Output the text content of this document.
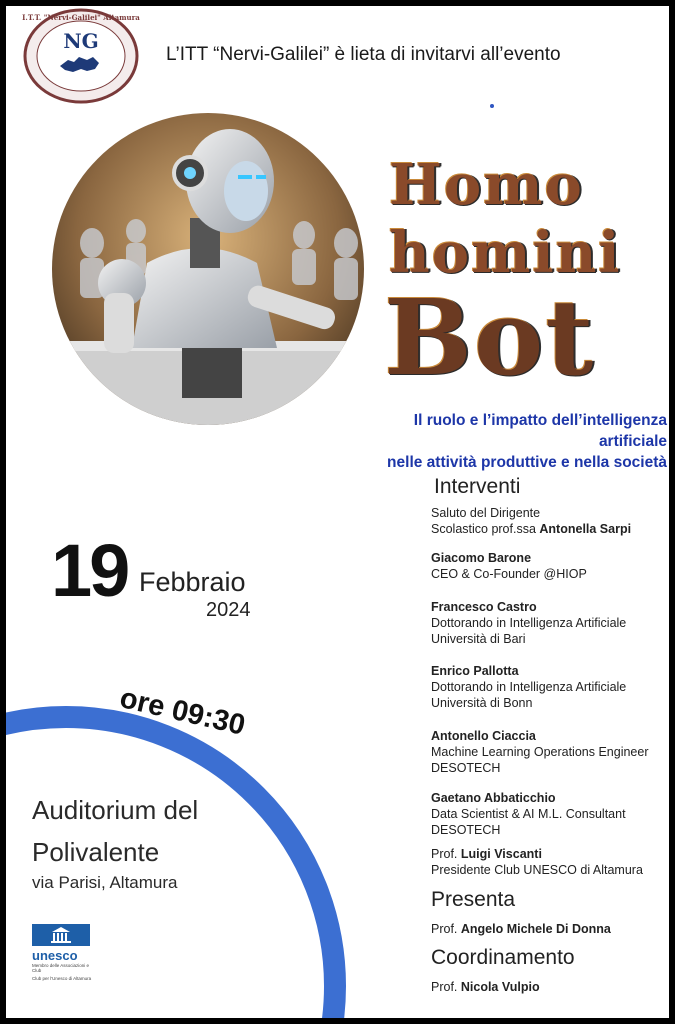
NG
I.T.T. "Nervi-Galilei" Altamura
L’ITT “Nervi-Galilei” è lieta di invitarvi all’evento
Homo
homini
Bot
Il ruolo e l’impatto dell’intelligenza artificiale
nelle attività produttive e nella società
19 Febbraio
2024
ore 09:30
Auditorium del
Polivalente
via Parisi, Altamura
unesco
Membro delle Associazioni e Club
Club per l'Unesco di Altamura
Interventi
Saluto del Dirigente
Scolastico prof.ssa Antonella Sarpi
Giacomo Barone
CEO & Co-Founder @HIOP
Francesco Castro
Dottorando in Intelligenza Artificiale
Università di Bari
Enrico Pallotta
Dottorando in Intelligenza Artificiale
Università di Bonn
Antonello Ciaccia
Machine Learning Operations Engineer
DESOTECH
Gaetano Abbaticchio
Data Scientist & AI M.L. Consultant
DESOTECH
Prof. Luigi Viscanti
Presidente Club UNESCO di Altamura
Presenta
Prof. Angelo Michele Di Donna
Coordinamento
Prof. Nicola Vulpio
